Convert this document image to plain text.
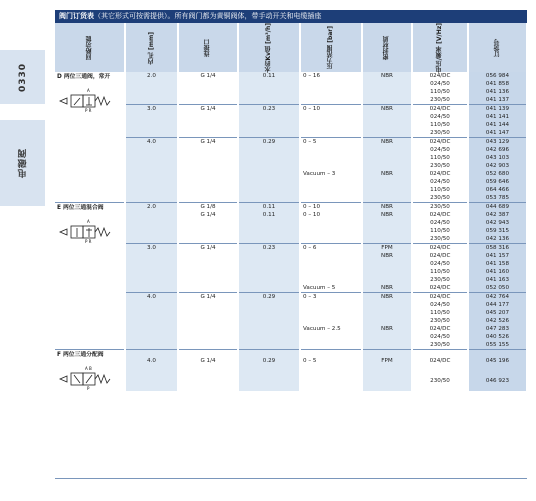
0330
电磁阀
阀门订货表（其它形式可按需提供）。所有阀门都为黄铜阀体，带手动开关和电缆插座
回路功能	内孔 [mm]	连接口	水的Kv值 [m³/h]	压力范围 [bar]	密封材质	电压/频率 [V/Hz]	订货号

D 两位三通阀，常开
A
P R	2.0	G 1/4	0.11	0 – 16	NBR	024/DC	056 984
						024/50	041 858
						110/50	041 136
						230/50	041 137
	3.0	G 1/4	0.23	0 – 10	NBR	024/DC	041 139
						024/50	041 141
						110/50	041 144
						230/50	041 147
	4.0	G 1/4	0.29	0 – 5	NBR	024/DC	043 129
						024/50	042 696
						110/50	043 103
						230/50	042 903
				Vacuum – 3	NBR	024/DC	052 680
						024/50	059 646
						110/50	064 466
						230/50	053 785

E 两位三通混合阀
A
P R	2.0	G 1/8	0.11	0 – 10	NBR	230/50	044 689
		G 1/4	0.11	0 – 10	NBR	024/DC	042 387
						024/50	042 943
						110/50	059 315
						230/50	042 136
	3.0	G 1/4	0.23	0 – 6	FPM	024/DC	058 316
					NBR	024/DC	041 157
						024/50	041 158
						110/50	041 160
						230/50	041 163
				Vacuum – 5	NBR	024/DC	052 050
	4.0	G 1/4	0.29	0 – 3	NBR	024/DC	042 764
						024/50	044 177
						110/50	045 207
						230/50	042 526
				Vacuum – 2.5	NBR	024/DC	047 283
						024/50	040 526
						230/50	055 155

F 两位三通分配阀
A B
P	4.0	G 1/4	0.29	0 – 5	FPM	024/DC	045 196
						230/50	046 923
